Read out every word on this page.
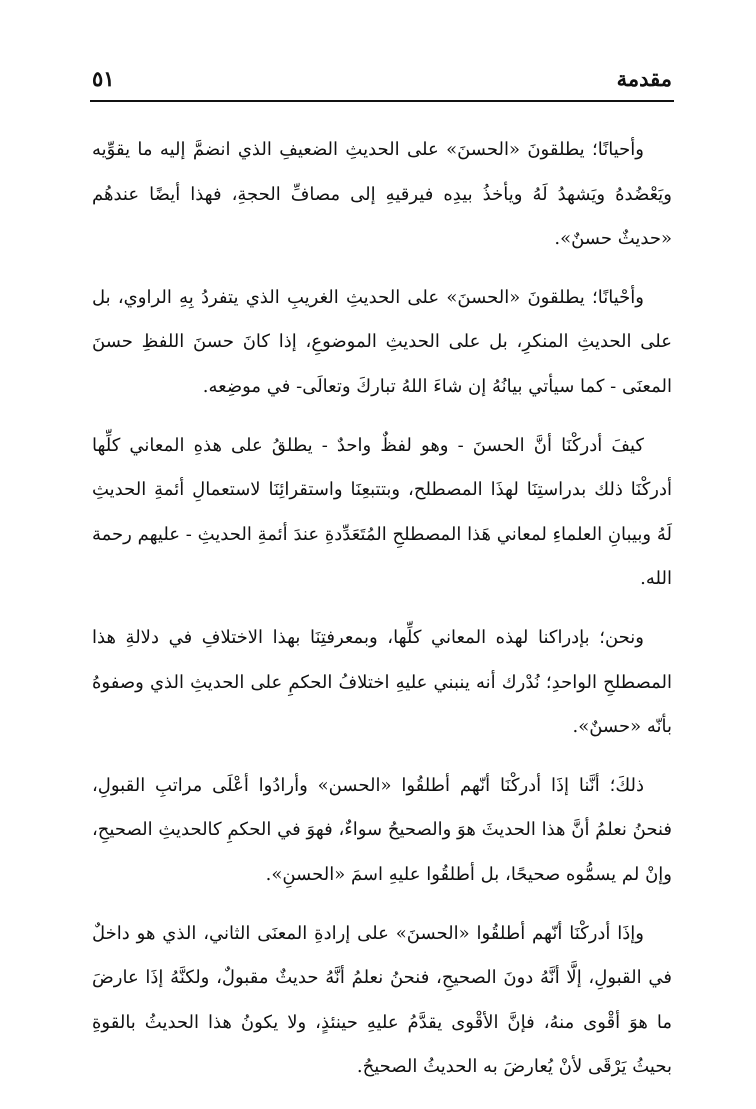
مقدمة
٥١

وأحيانًا؛ يطلقونَ «الحسنَ» على الحديثِ الضعيفِ الذي انضمَّ إليه ما يقوِّيه ويَعْضُدهُ ويَشهدُ لَهُ ويأخذُ بيدِه فيرقيهِ إلى مصافِّ الحجةِ، فهذا أيضًا عندهُم «حديثٌ حسنٌ».

وأحْيانًا؛ يطلقونَ «الحسنَ» على الحديثِ الغريبِ الذي يتفردُ بِهِ الراوي، بل على الحديثِ المنكرِ، بل على الحديثِ الموضوعِ، إذا كانَ حسنَ اللفظِ حسنَ المعنَى - كما سيأتي بيانُهُ إن شاءَ اللهُ تباركَ وتعالَى- في موضِعه.

كيفَ أدركْنَا أنَّ الحسنَ - وهو لفظٌ واحدٌ - يطلقُ على هذهِ المعاني كلِّها أدركْنَا ذلك بدراستِنَا لهذَا المصطلح، وبتتبعِنَا واستقرائِنَا لاستعمالِ أئمةِ الحديثِ لَهُ وبيبانِ العلماءِ لمعاني هَذا المصطلحِ المُتَعَدِّدةِ عندَ أئمةِ الحديثِ - عليهم رحمة الله.

ونحن؛ بإدراكنا لهذه المعاني كلِّها، وبمعرفتِنَا بهذا الاختلافِ في دلالةِ هذا المصطلحِ الواحدِ؛ نُدْرك أنه ينبني عليهِ اختلافُ الحكمِ على الحديثِ الذي وصفوهُ بأنّه «حسنٌ».

ذلكَ؛ أنَّنا إذَا أدركْنَا أنّهم أطلقُوا «الحسن» وأرادُوا أعْلَى مراتبِ القبولِ، فنحنُ نعلمُ أنَّ هذا الحديثَ هوَ والصحيحُ سواءٌ، فهوَ في الحكمِ كالحديثِ الصحيحِ، وإنْ لم يسمُّوه صحيحًا، بل أطلقُوا عليهِ اسمَ «الحسنِ».

وإذَا أدركْنَا أنّهم أطلقُوا «الحسنَ» على إرادةِ المعنَى الثاني، الذي هو داخلٌ في القبولِ، إلَّا أنَّهُ دونَ الصحيحِ، فنحنُ نعلمُ أنَّهُ حديثٌ مقبولٌ، ولكنَّهُ إذَا عارضَ ما هوَ أقْوى منهُ، فإنَّ الأقْوى يقدَّمُ عليهِ حينئذٍ، ولا يكونُ هذا الحديثُ بالقوةِ بحيثُ يَرْقَى لأنْ يُعارضَ به الحديثُ الصحيحُ.
